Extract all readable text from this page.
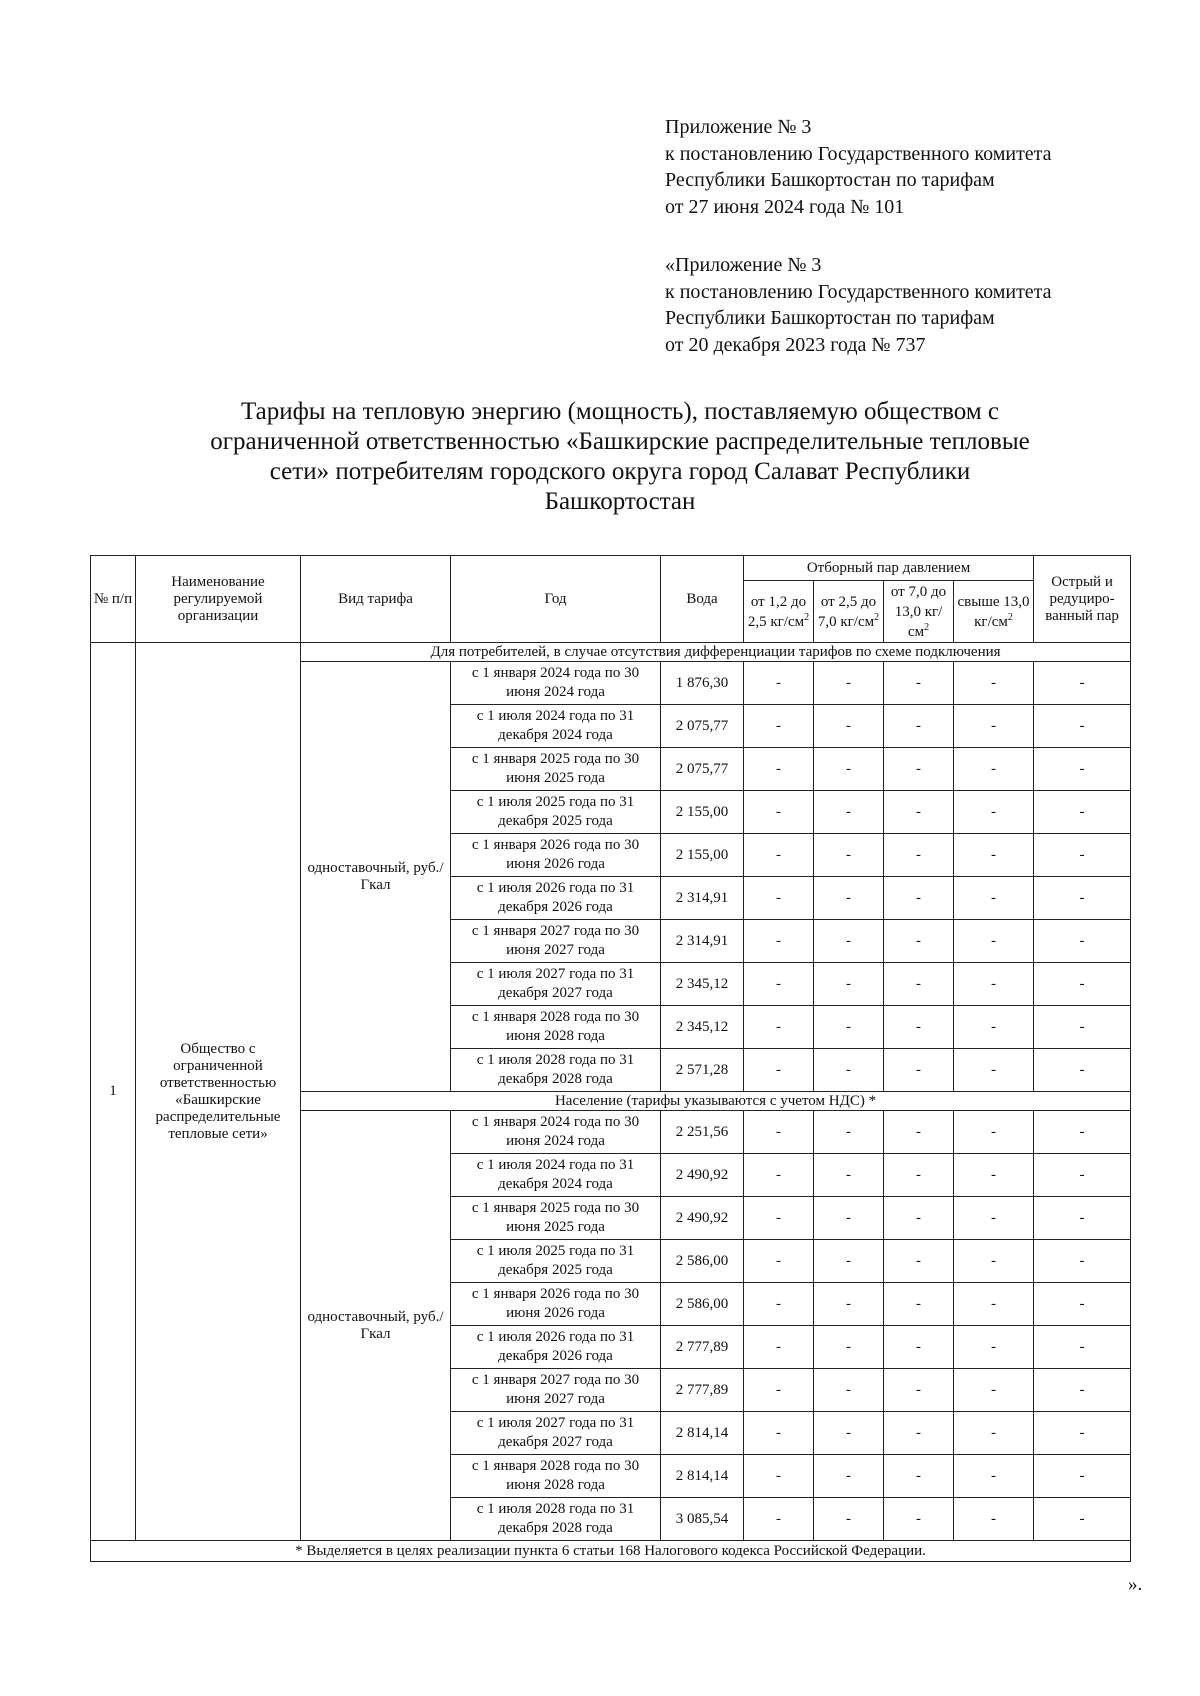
Приложение № 3
к постановлению Государственного комитета
Республики Башкортостан по тарифам
от 27 июня 2024 года № 101
«Приложение № 3
к постановлению Государственного комитета
Республики Башкортостан по тарифам
от 20 декабря 2023 года № 737
Тарифы на тепловую энергию (мощность), поставляемую обществом с
ограниченной ответственностью «Башкирские распределительные тепловые
сети» потребителям городского округа город Салават Республики
Башкортостан
№ п/п	Наименование регулируемой организации	Вид тарифа	Год	Вода	Отборный пар давлением				Острый и редуциро-ванный пар
					от 1,2 до 2,5 $кг/см^2$	от 2,5 до 7,0 $кг/см^2$	от 7,0 до 13,0 $кг/см^2$	свыше 13,0 $кг/см^2$
1	Общество с ограниченной ответственностью «Башкирские распределительные тепловые сети»	Для потребителей, в случае отсутствия дифференциации тарифов по схеме подключения							
		одноставочный, руб./Гкал	с 1 января 2024 года по 30 июня 2024 года	1 876,30	-	-	-	-	-
			с 1 июля 2024 года по 31 декабря 2024 года	2 075,77	-	-	-	-	-
			с 1 января 2025 года по 30 июня 2025 года	2 075,77	-	-	-	-	-
			с 1 июля 2025 года по 31 декабря 2025 года	2 155,00	-	-	-	-	-
			с 1 января 2026 года по 30 июня 2026 года	2 155,00	-	-	-	-	-
			с 1 июля 2026 года по 31 декабря 2026 года	2 314,91	-	-	-	-	-
			с 1 января 2027 года по 30 июня 2027 года	2 314,91	-	-	-	-	-
			с 1 июля 2027 года по 31 декабря 2027 года	2 345,12	-	-	-	-	-
			с 1 января 2028 года по 30 июня 2028 года	2 345,12	-	-	-	-	-
			с 1 июля 2028 года по 31 декабря 2028 года	2 571,28	-	-	-	-	-
		Население (тарифы указываются с учетом НДС) *							
		одноставочный, руб./Гкал	с 1 января 2024 года по 30 июня 2024 года	2 251,56	-	-	-	-	-
			с 1 июля 2024 года по 31 декабря 2024 года	2 490,92	-	-	-	-	-
			с 1 января 2025 года по 30 июня 2025 года	2 490,92	-	-	-	-	-
			с 1 июля 2025 года по 31 декабря 2025 года	2 586,00	-	-	-	-	-
			с 1 января 2026 года по 30 июня 2026 года	2 586,00	-	-	-	-	-
			с 1 июля 2026 года по 31 декабря 2026 года	2 777,89	-	-	-	-	-
			с 1 января 2027 года по 30 июня 2027 года	2 777,89	-	-	-	-	-
			с 1 июля 2027 года по 31 декабря 2027 года	2 814,14	-	-	-	-	-
			с 1 января 2028 года по 30 июня 2028 года	2 814,14	-	-	-	-	-
			с 1 июля 2028 года по 31 декабря 2028 года	3 085,54	-	-	-	-	-
* Выделяется в целях реализации пункта 6 статьи 168 Налогового кодекса Российской Федерации.									
».
